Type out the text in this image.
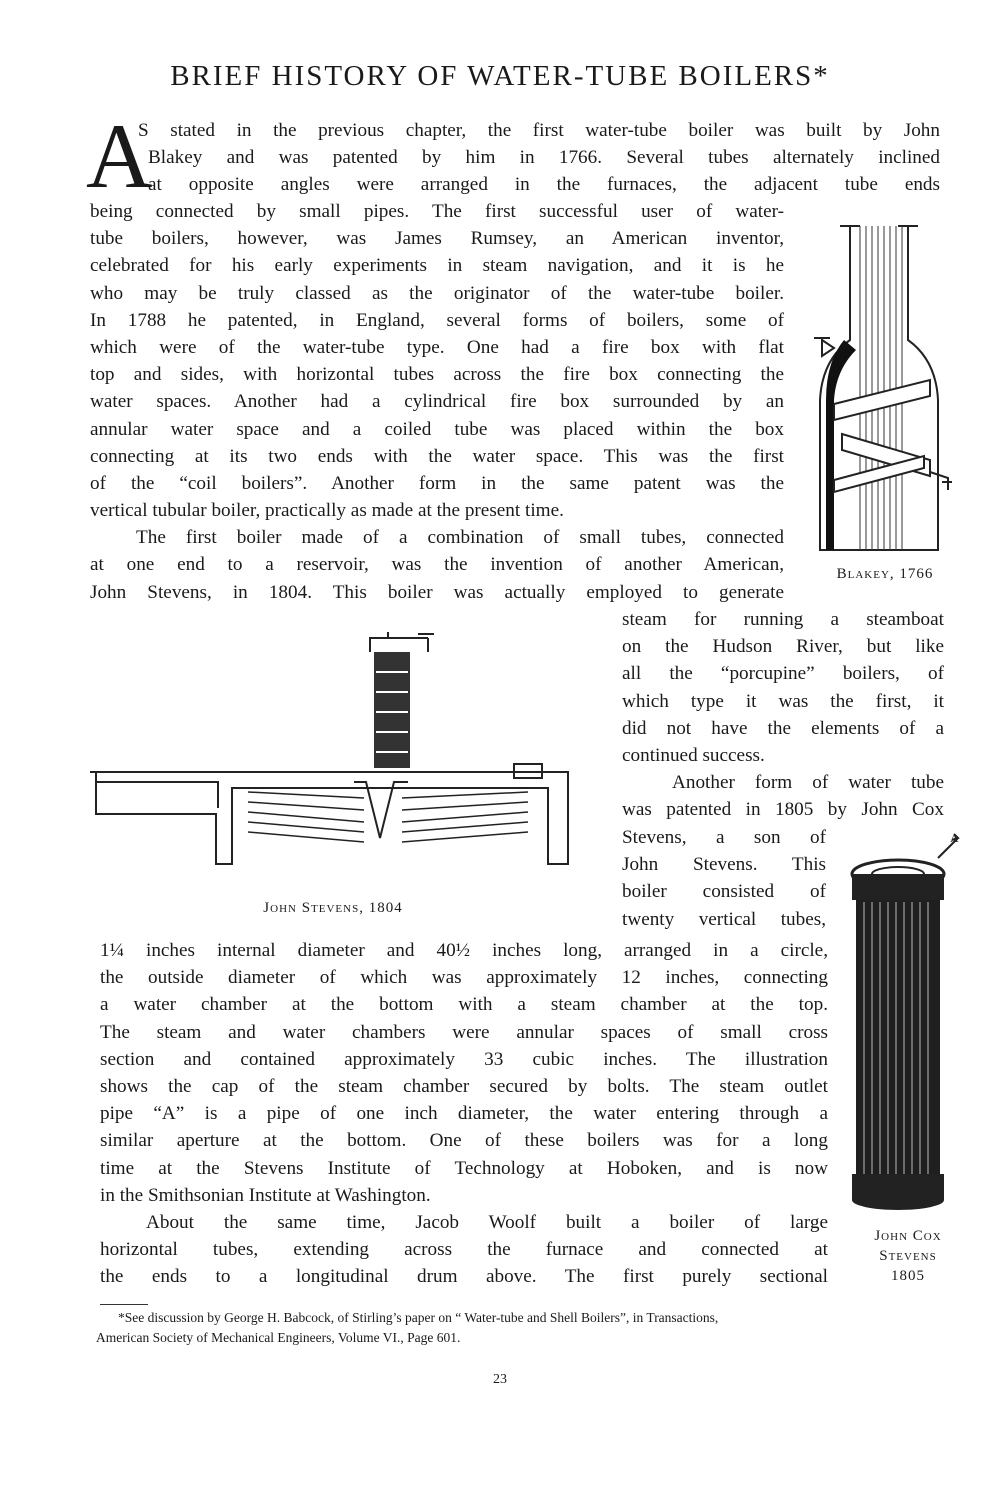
BRIEF HISTORY OF WATER-TUBE BOILERS*
A
S stated in the previous chapter, the first water-tube boiler was built by John
Blakey and was patented by him in 1766. Several tubes alternately inclined
at opposite angles were arranged in the furnaces, the adjacent tube ends
being connected by small pipes. The first successful user of water-
tube boilers, however, was James Rumsey, an American inventor,
celebrated for his early experiments in steam navigation, and it is he
who may be truly classed as the originator of the water-tube boiler.
In 1788 he patented, in England, several forms of boilers, some of
which were of the water-tube type. One had a fire box with flat
top and sides, with horizontal tubes across the fire box connecting the
water spaces. Another had a cylindrical fire box surrounded by an
annular water space and a coiled tube was placed within the box
connecting at its two ends with the water space. This was the first
of the “coil boilers”. Another form in the same patent was the
vertical tubular boiler, practically as made at the present time.
The first boiler made of a combination of small tubes, connected
at one end to a reservoir, was the invention of another American,
John Stevens, in 1804. This boiler was actually employed to generate
Blakey, 1766
steam for running a steamboat
on the Hudson River, but like
all the “porcupine” boilers, of
which type it was the first, it
did not have the elements of a
continued success.
Another form of water tube
was patented in 1805 by John Cox
John Stevens, 1804
Stevens, a son of
John Stevens. This
boiler consisted of
twenty vertical tubes,
1¼ inches internal diameter and 40½ inches long, arranged in a circle,
the outside diameter of which was approximately 12 inches, connecting
a water chamber at the bottom with a steam chamber at the top.
The steam and water chambers were annular spaces of small cross
section and contained approximately 33 cubic inches. The illustration
shows the cap of the steam chamber secured by bolts. The steam outlet
pipe “A” is a pipe of one inch diameter, the water entering through a
similar aperture at the bottom. One of these boilers was for a long
time at the Stevens Institute of Technology at Hoboken, and is now
in the Smithsonian Institute at Washington.
About the same time, Jacob Woolf built a boiler of large
horizontal tubes, extending across the furnace and connected at
the ends to a longitudinal drum above. The first purely sectional
A
John Cox
Stevens
1805
*See discussion by George H. Babcock, of Stirling’s paper on “ Water-tube and Shell Boilers”, in Transactions,
American Society of Mechanical Engineers, Volume VI., Page 601.
23
